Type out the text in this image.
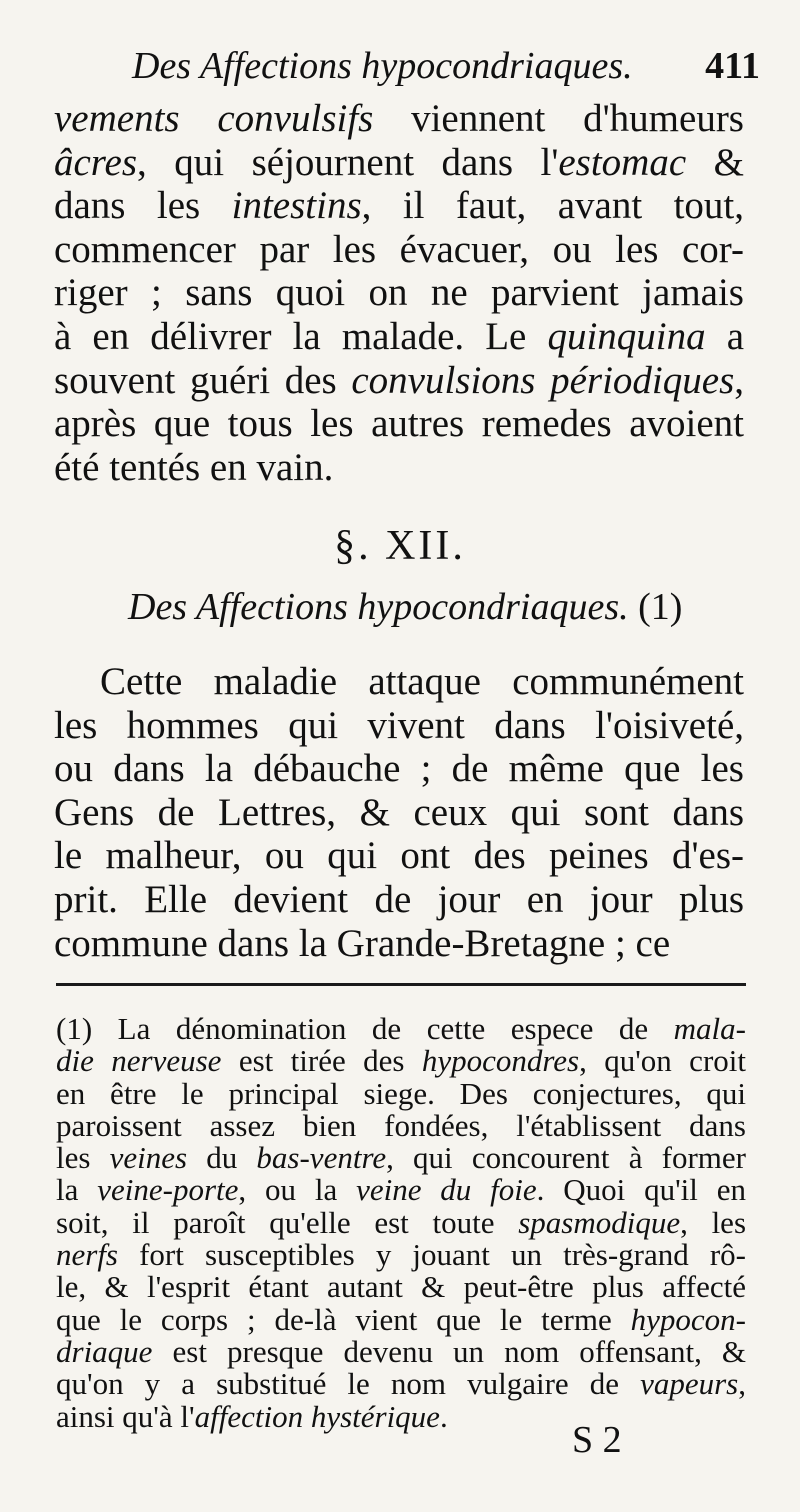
Des Affections hypocondriaques. 411
vements convulsifs viennent d'humeurs
âcres, qui séjournent dans l'estomac &
dans les intestins, il faut, avant tout,
commencer par les évacuer, ou les cor-
riger ; sans quoi on ne parvient jamais
à en délivrer la malade. Le quinquina a
souvent guéri des convulsions périodiques,
après que tous les autres remedes avoient
été tentés en vain.
§. XII.
Des Affections hypocondriaques. (1)
Cette maladie attaque communément
les hommes qui vivent dans l'oisiveté,
ou dans la débauche ; de même que les
Gens de Lettres, & ceux qui sont dans
le malheur, ou qui ont des peines d'es-
prit. Elle devient de jour en jour plus
commune dans la Grande-Bretagne ; ce
(1) La dénomination de cette espece de mala-
die nerveuse est tirée des hypocondres, qu'on croit
en être le principal siege. Des conjectures, qui
paroissent assez bien fondées, l'établissent dans
les veines du bas-ventre, qui concourent à former
la veine-porte, ou la veine du foie. Quoi qu'il en
soit, il paroît qu'elle est toute spasmodique, les
nerfs fort susceptibles y jouant un très-grand rô-
le, & l'esprit étant autant & peut-être plus affecté
que le corps ; de-là vient que le terme hypocon-
driaque est presque devenu un nom offensant, &
qu'on y a substitué le nom vulgaire de vapeurs,
ainsi qu'à l'affection hystérique.
S 2
